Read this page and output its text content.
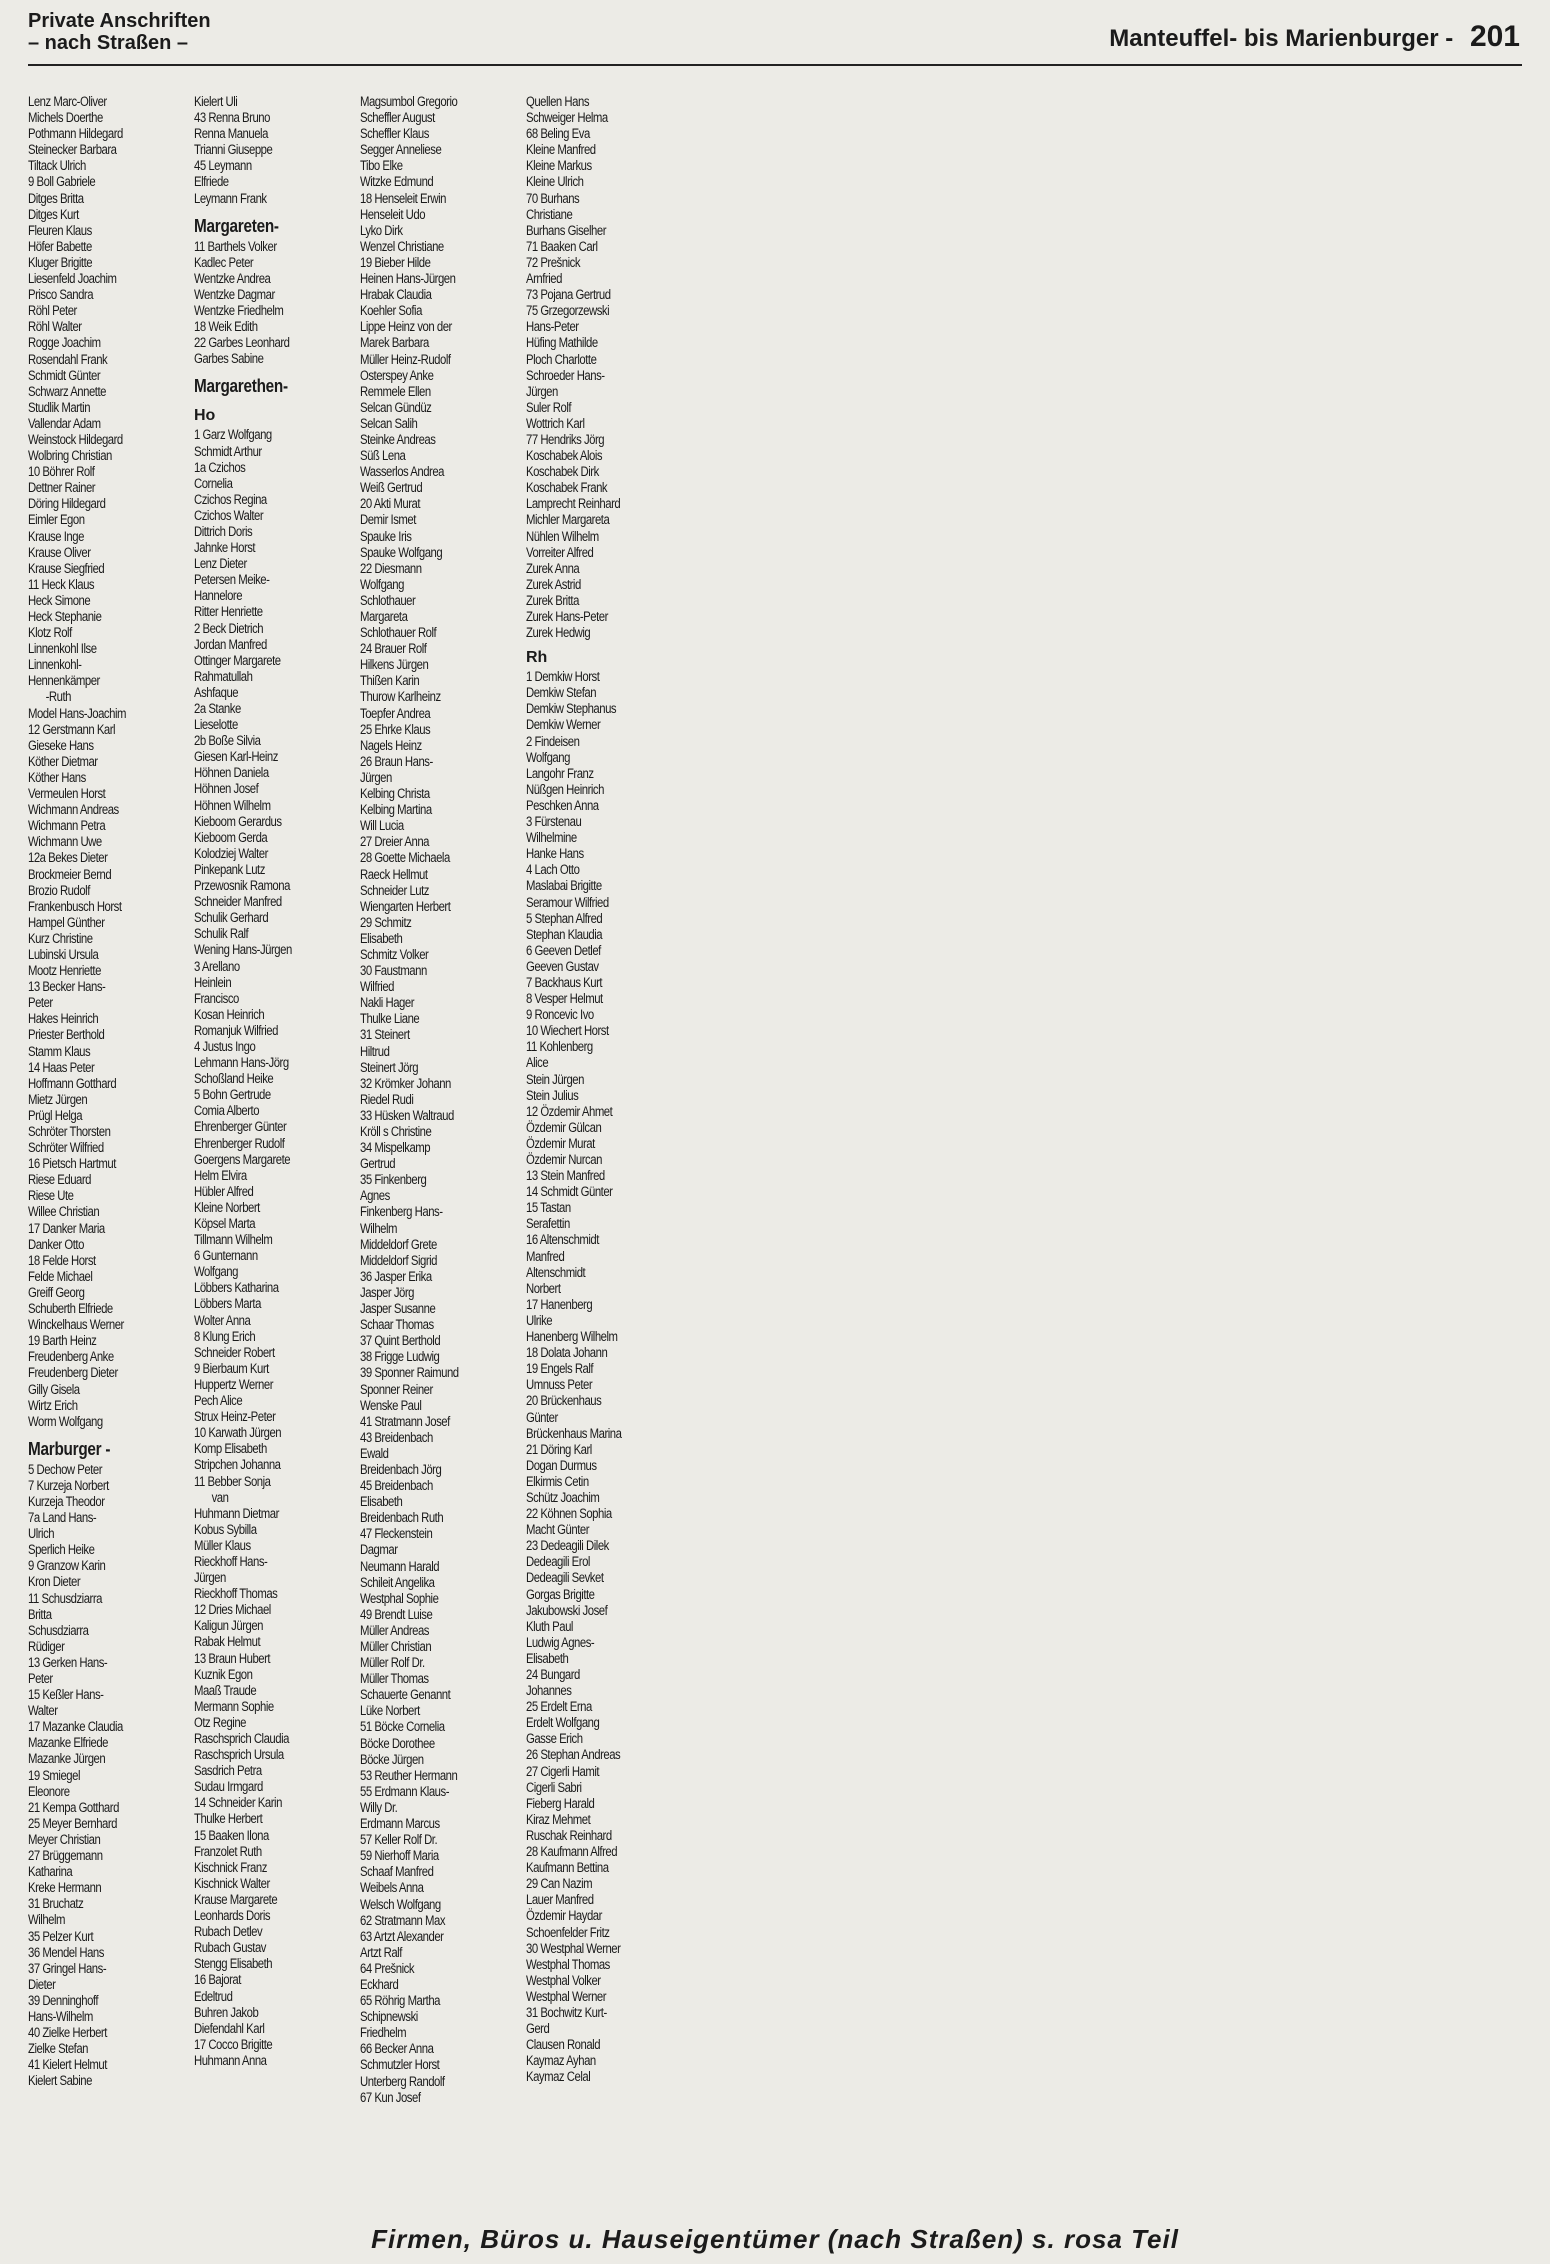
Private Anschriften
– nach Straßen –	Manteuffel- bis Marienburger - 201
Lenz Marc-Oliver
Michels Doerthe
Pothmann Hildegard
Steinecker Barbara
Tiltack Ulrich
9 Boll Gabriele
Ditges Britta
Ditges Kurt
Fleuren Klaus
Höfer Babette
Kluger Brigitte
Liesenfeld Joachim
Prisco Sandra
Röhl Peter
Röhl Walter
Rogge Joachim
Rosendahl Frank
Schmidt Günter
Schwarz Annette
Studlik Martin
Vallendar Adam
Weinstock Hildegard
Wolbring Christian
10 Böhrer Rolf
Dettner Rainer
Döring Hildegard
Eimler Egon
Krause Inge
Krause Oliver
Krause Siegfried
11 Heck Klaus
Heck Simone
Heck Stephanie
Klotz Rolf
Linnenkohl Ilse
Linnenkohl-
Hennenkämper
-Ruth
Model Hans-Joachim
12 Gerstmann Karl
Gieseke Hans
Köther Dietmar
Köther Hans
Vermeulen Horst
Wichmann Andreas
Wichmann Petra
Wichmann Uwe
12a Bekes Dieter
Brockmeier Bernd
Brozio Rudolf
Frankenbusch Horst
Hampel Günther
Kurz Christine
Lubinski Ursula
Mootz Henriette
13 Becker Hans-
Peter
Hakes Heinrich
Priester Berthold
Stamm Klaus
14 Haas Peter
Hoffmann Gotthard
Mietz Jürgen
Prügl Helga
Schröter Thorsten
Schröter Wilfried
16 Pietsch Hartmut
Riese Eduard
Riese Ute
Willee Christian
17 Danker Maria
Danker Otto
18 Felde Horst
Felde Michael
Greiff Georg
Schuberth Elfriede
Winckelhaus Werner
19 Barth Heinz
Freudenberg Anke
Freudenberg Dieter
Gilly Gisela
Wirtz Erich
Worm Wolfgang
Marburger -
5 Dechow Peter
7 Kurzeja Norbert
Kurzeja Theodor
7a Land Hans-
Ulrich
Sperlich Heike
9 Granzow Karin
Kron Dieter
11 Schusdziarra
Britta
Schusdziarra
Rüdiger
13 Gerken Hans-
Peter
15 Keßler Hans-
Walter
17 Mazanke Claudia
Mazanke Elfriede
Mazanke Jürgen
19 Smiegel
Eleonore
21 Kempa Gotthard
25 Meyer Bernhard
Meyer Christian
27 Brüggemann
Katharina
Kreke Hermann
31 Bruchatz
Wilhelm
35 Pelzer Kurt
36 Mendel Hans
37 Gringel Hans-
Dieter
39 Denninghoff
Hans-Wilhelm
40 Zielke Herbert
Zielke Stefan
41 Kielert Helmut
Kielert Sabine
Kielert Uli
43 Renna Bruno
Renna Manuela
Trianni Giuseppe
45 Leymann
Elfriede
Leymann Frank
Margareten-
11 Barthels Volker
Kadlec Peter
Wentzke Andrea
Wentzke Dagmar
Wentzke Friedhelm
18 Weik Edith
22 Garbes Leonhard
Garbes Sabine
Margarethen-
Ho
1 Garz Wolfgang
Schmidt Arthur
1a Czichos
Cornelia
Czichos Regina
Czichos Walter
Dittrich Doris
Jahnke Horst
Lenz Dieter
Petersen Meike-
Hannelore
Ritter Henriette
2 Beck Dietrich
Jordan Manfred
Ottinger Margarete
Rahmatullah
Ashfaque
2a Stanke
Lieselotte
2b Boße Silvia
Giesen Karl-Heinz
Höhnen Daniela
Höhnen Josef
Höhnen Wilhelm
Kieboom Gerardus
Kieboom Gerda
Kolodziej Walter
Pinkepank Lutz
Przewosnik Ramona
Schneider Manfred
Schulik Gerhard
Schulik Ralf
Wening Hans-Jürgen
3 Arellano
Heinlein
Francisco
Kosan Heinrich
Romanjuk Wilfried
4 Justus Ingo
Lehmann Hans-Jörg
Schoßland Heike
5 Bohn Gertrude
Comia Alberto
Ehrenberger Günter
Ehrenberger Rudolf
Goergens Margarete
Helm Elvira
Hübler Alfred
Kleine Norbert
Köpsel Marta
Tillmann Wilhelm
6 Gunternann
Wolfgang
Löbbers Katharina
Löbbers Marta
Wolter Anna
8 Klung Erich
Schneider Robert
9 Bierbaum Kurt
Huppertz Werner
Pech Alice
Strux Heinz-Peter
10 Karwath Jürgen
Komp Elisabeth
Stripchen Johanna
11 Bebber Sonja
van
Huhmann Dietmar
Kobus Sybilla
Müller Klaus
Rieckhoff Hans-
Jürgen
Rieckhoff Thomas
12 Dries Michael
Kaligun Jürgen
Rabak Helmut
13 Braun Hubert
Kuznik Egon
Maaß Traude
Mermann Sophie
Otz Regine
Raschsprich Claudia
Raschsprich Ursula
Sasdrich Petra
Sudau Irmgard
14 Schneider Karin
Thulke Herbert
15 Baaken Ilona
Franzolet Ruth
Kischnick Franz
Kischnick Walter
Krause Margarete
Leonhards Doris
Rubach Detlev
Rubach Gustav
Stengg Elisabeth
16 Bajorat
Edeltrud
Buhren Jakob
Diefendahl Karl
17 Cocco Brigitte
Huhmann Anna
Magsumbol Gregorio
Scheffler August
Scheffler Klaus
Segger Anneliese
Tibo Elke
Witzke Edmund
18 Henseleit Erwin
Henseleit Udo
Lyko Dirk
Wenzel Christiane
19 Bieber Hilde
Heinen Hans-Jürgen
Hrabak Claudia
Koehler Sofia
Lippe Heinz von der
Marek Barbara
Müller Heinz-Rudolf
Osterspey Anke
Remmele Ellen
Selcan Gündüz
Selcan Salih
Steinke Andreas
Süß Lena
Wasserlos Andrea
Weiß Gertrud
20 Akti Murat
Demir Ismet
Spauke Iris
Spauke Wolfgang
22 Diesmann
Wolfgang
Schlothauer
Margareta
Schlothauer Rolf
24 Brauer Rolf
Hilkens Jürgen
Thißen Karin
Thurow Karlheinz
Toepfer Andrea
25 Ehrke Klaus
Nagels Heinz
26 Braun Hans-
Jürgen
Kelbing Christa
Kelbing Martina
Will Lucia
27 Dreier Anna
28 Goette Michaela
Raeck Hellmut
Schneider Lutz
Wiengarten Herbert
29 Schmitz
Elisabeth
Schmitz Volker
30 Faustmann
Wilfried
Nakli Hager
Thulke Liane
31 Steinert
Hiltrud
Steinert Jörg
32 Krömker Johann
Riedel Rudi
33 Hüsken Waltraud
Kröll s Christine
34 Mispelkamp
Gertrud
35 Finkenberg
Agnes
Finkenberg Hans-
Wilhelm
Middeldorf Grete
Middeldorf Sigrid
36 Jasper Erika
Jasper Jörg
Jasper Susanne
Schaar Thomas
37 Quint Berthold
38 Frigge Ludwig
39 Sponner Raimund
Sponner Reiner
Wenske Paul
41 Stratmann Josef
43 Breidenbach
Ewald
Breidenbach Jörg
45 Breidenbach
Elisabeth
Breidenbach Ruth
47 Fleckenstein
Dagmar
Neumann Harald
Schileit Angelika
Westphal Sophie
49 Brendt Luise
Müller Andreas
Müller Christian
Müller Rolf Dr.
Müller Thomas
Schauerte Genannt
Lüke Norbert
51 Böcke Cornelia
Böcke Dorothee
Böcke Jürgen
53 Reuther Hermann
55 Erdmann Klaus-
Willy Dr.
Erdmann Marcus
57 Keller Rolf Dr.
59 Nierhoff Maria
Schaaf Manfred
Weibels Anna
Welsch Wolfgang
62 Stratmann Max
63 Artzt Alexander
Artzt Ralf
64 Prešnick
Eckhard
65 Röhrig Martha
Schipnewski
Friedhelm
66 Becker Anna
Schmutzler Horst
Unterberg Randolf
67 Kun Josef
Quellen Hans
Schweiger Helma
68 Beling Eva
Kleine Manfred
Kleine Markus
Kleine Ulrich
70 Burhans
Christiane
Burhans Giselher
71 Baaken Carl
72 Prešnick
Arnfried
73 Pojana Gertrud
75 Grzegorzewski
Hans-Peter
Hüfing Mathilde
Ploch Charlotte
Schroeder Hans-
Jürgen
Suler Rolf
Wottrich Karl
77 Hendriks Jörg
Koschabek Alois
Koschabek Dirk
Koschabek Frank
Lamprecht Reinhard
Michler Margareta
Nühlen Wilhelm
Vorreiter Alfred
Zurek Anna
Zurek Astrid
Zurek Britta
Zurek Hans-Peter
Zurek Hedwig
Rh
1 Demkiw Horst
Demkiw Stefan
Demkiw Stephanus
Demkiw Werner
2 Findeisen
Wolfgang
Langohr Franz
Nüßgen Heinrich
Peschken Anna
3 Fürstenau
Wilhelmine
Hanke Hans
4 Lach Otto
Maslabai Brigitte
Seramour Wilfried
5 Stephan Alfred
Stephan Klaudia
6 Geeven Detlef
Geeven Gustav
7 Backhaus Kurt
8 Vesper Helmut
9 Roncevic Ivo
10 Wiechert Horst
11 Kohlenberg
Alice
Stein Jürgen
Stein Julius
12 Özdemir Ahmet
Özdemir Gülcan
Özdemir Murat
Özdemir Nurcan
13 Stein Manfred
14 Schmidt Günter
15 Tastan
Serafettin
16 Altenschmidt
Manfred
Altenschmidt
Norbert
17 Hanenberg
Ulrike
Hanenberg Wilhelm
18 Dolata Johann
19 Engels Ralf
Umnuss Peter
20 Brückenhaus
Günter
Brückenhaus Marina
21 Döring Karl
Dogan Durmus
Elkirmis Cetin
Schütz Joachim
22 Köhnen Sophia
Macht Günter
23 Dedeagili Dilek
Dedeagili Erol
Dedeagili Sevket
Gorgas Brigitte
Jakubowski Josef
Kluth Paul
Ludwig Agnes-
Elisabeth
24 Bungard
Johannes
25 Erdelt Erna
Erdelt Wolfgang
Gasse Erich
26 Stephan Andreas
27 Cigerli Hamit
Cigerli Sabri
Fieberg Harald
Kiraz Mehmet
Ruschak Reinhard
28 Kaufmann Alfred
Kaufmann Bettina
29 Can Nazim
Lauer Manfred
Özdemir Haydar
Schoenfelder Fritz
30 Westphal Werner
Westphal Thomas
Westphal Volker
Westphal Werner
31 Bochwitz Kurt-
Gerd
Clausen Ronald
Kaymaz Ayhan
Kaymaz Celal
Firmen, Büros u. Hauseigentümer (nach Straßen) s. rosa Teil
